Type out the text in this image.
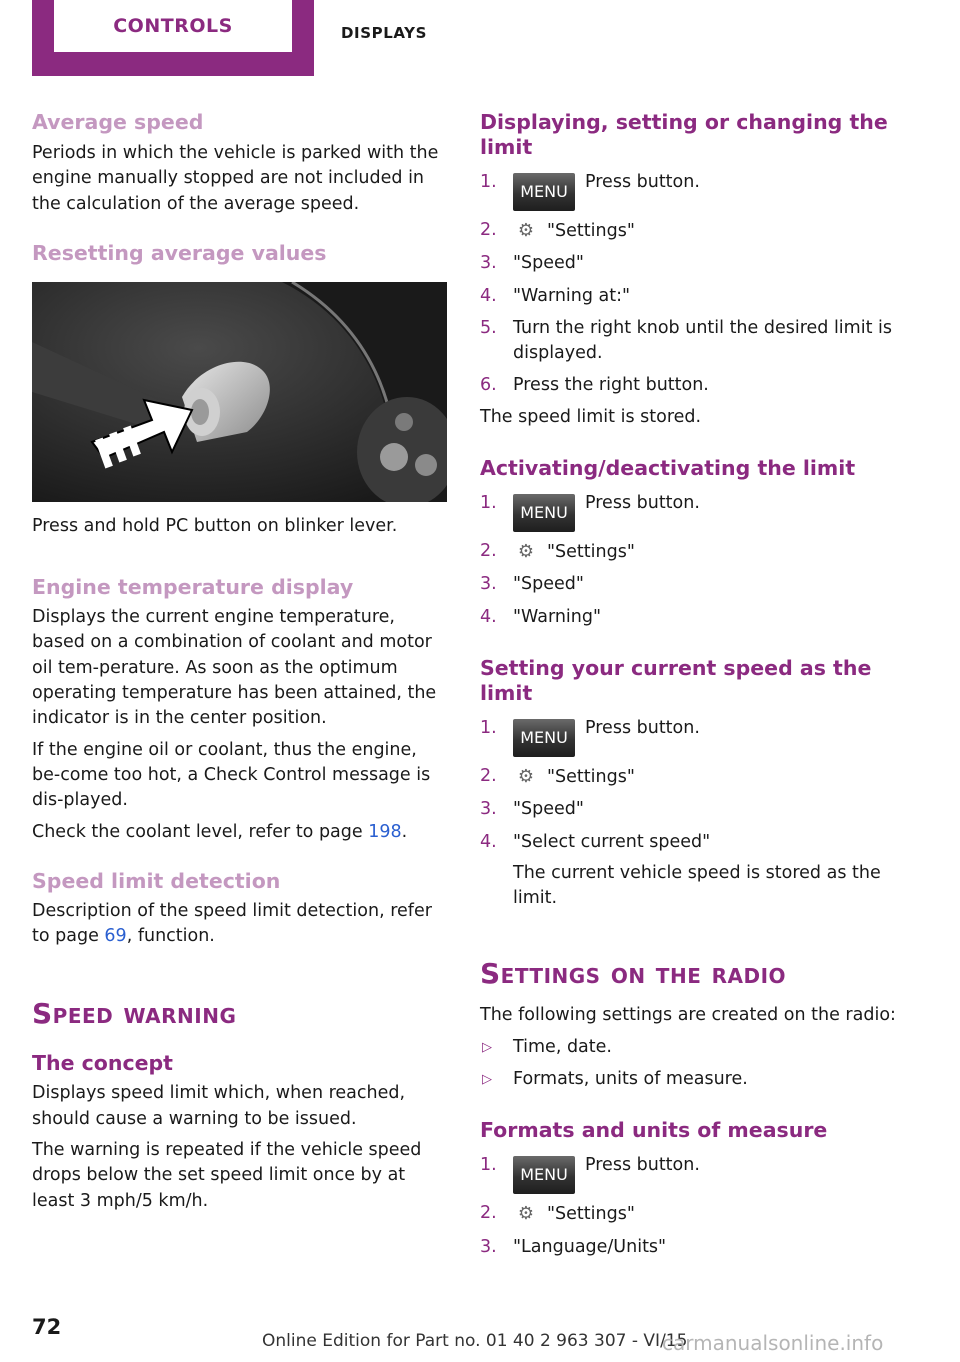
CONTROLS	DISPLAYS
Average speed

Periods in which the vehicle is parked with the engine manually stopped are not included in the calculation of the average speed.

Resetting average values

Press and hold PC button on blinker lever.

Engine temperature display

Displays the current engine temperature, based on a combination of coolant and motor oil tem‐perature. As soon as the optimum operating temperature has been attained, the indicator is in the center position.

If the engine oil or coolant, thus the engine, be‐come too hot, a Check Control message is dis‐played.

Check the coolant level, refer to page 198.

Speed limit detection

Description of the speed limit detection, refer to page 69, function.

Speed warning
The concept

Displays speed limit which, when reached, should cause a warning to be issued.

The warning is repeated if the vehicle speed drops below the set speed limit once by at least 3 mph/5 km/h.

Displaying, setting or changing the limit
1. MENU Press button.
2. ⚙ "Settings"
3. "Speed"
4. "Warning at:"
5. Turn the right knob until the desired limit is displayed.
6. Press the right button.

The speed limit is stored.

Activating/deactivating the limit
1. MENU Press button.
2. ⚙ "Settings"
3. "Speed"
4. "Warning"
Setting your current speed as the limit
1. MENU Press button.
2. ⚙ "Settings"
3. "Speed"
4. "Select current speed"

The current vehicle speed is stored as the limit.

Settings on the radio

The following settings are created on the radio:

▷ Time, date.
▷ Formats, units of measure.
Formats and units of measure
1. MENU Press button.
2. ⚙ "Settings"
3. "Language/Units"
72
Online Edition for Part no. 01 40 2 963 307 - VI/15
carmanualsonline.info
